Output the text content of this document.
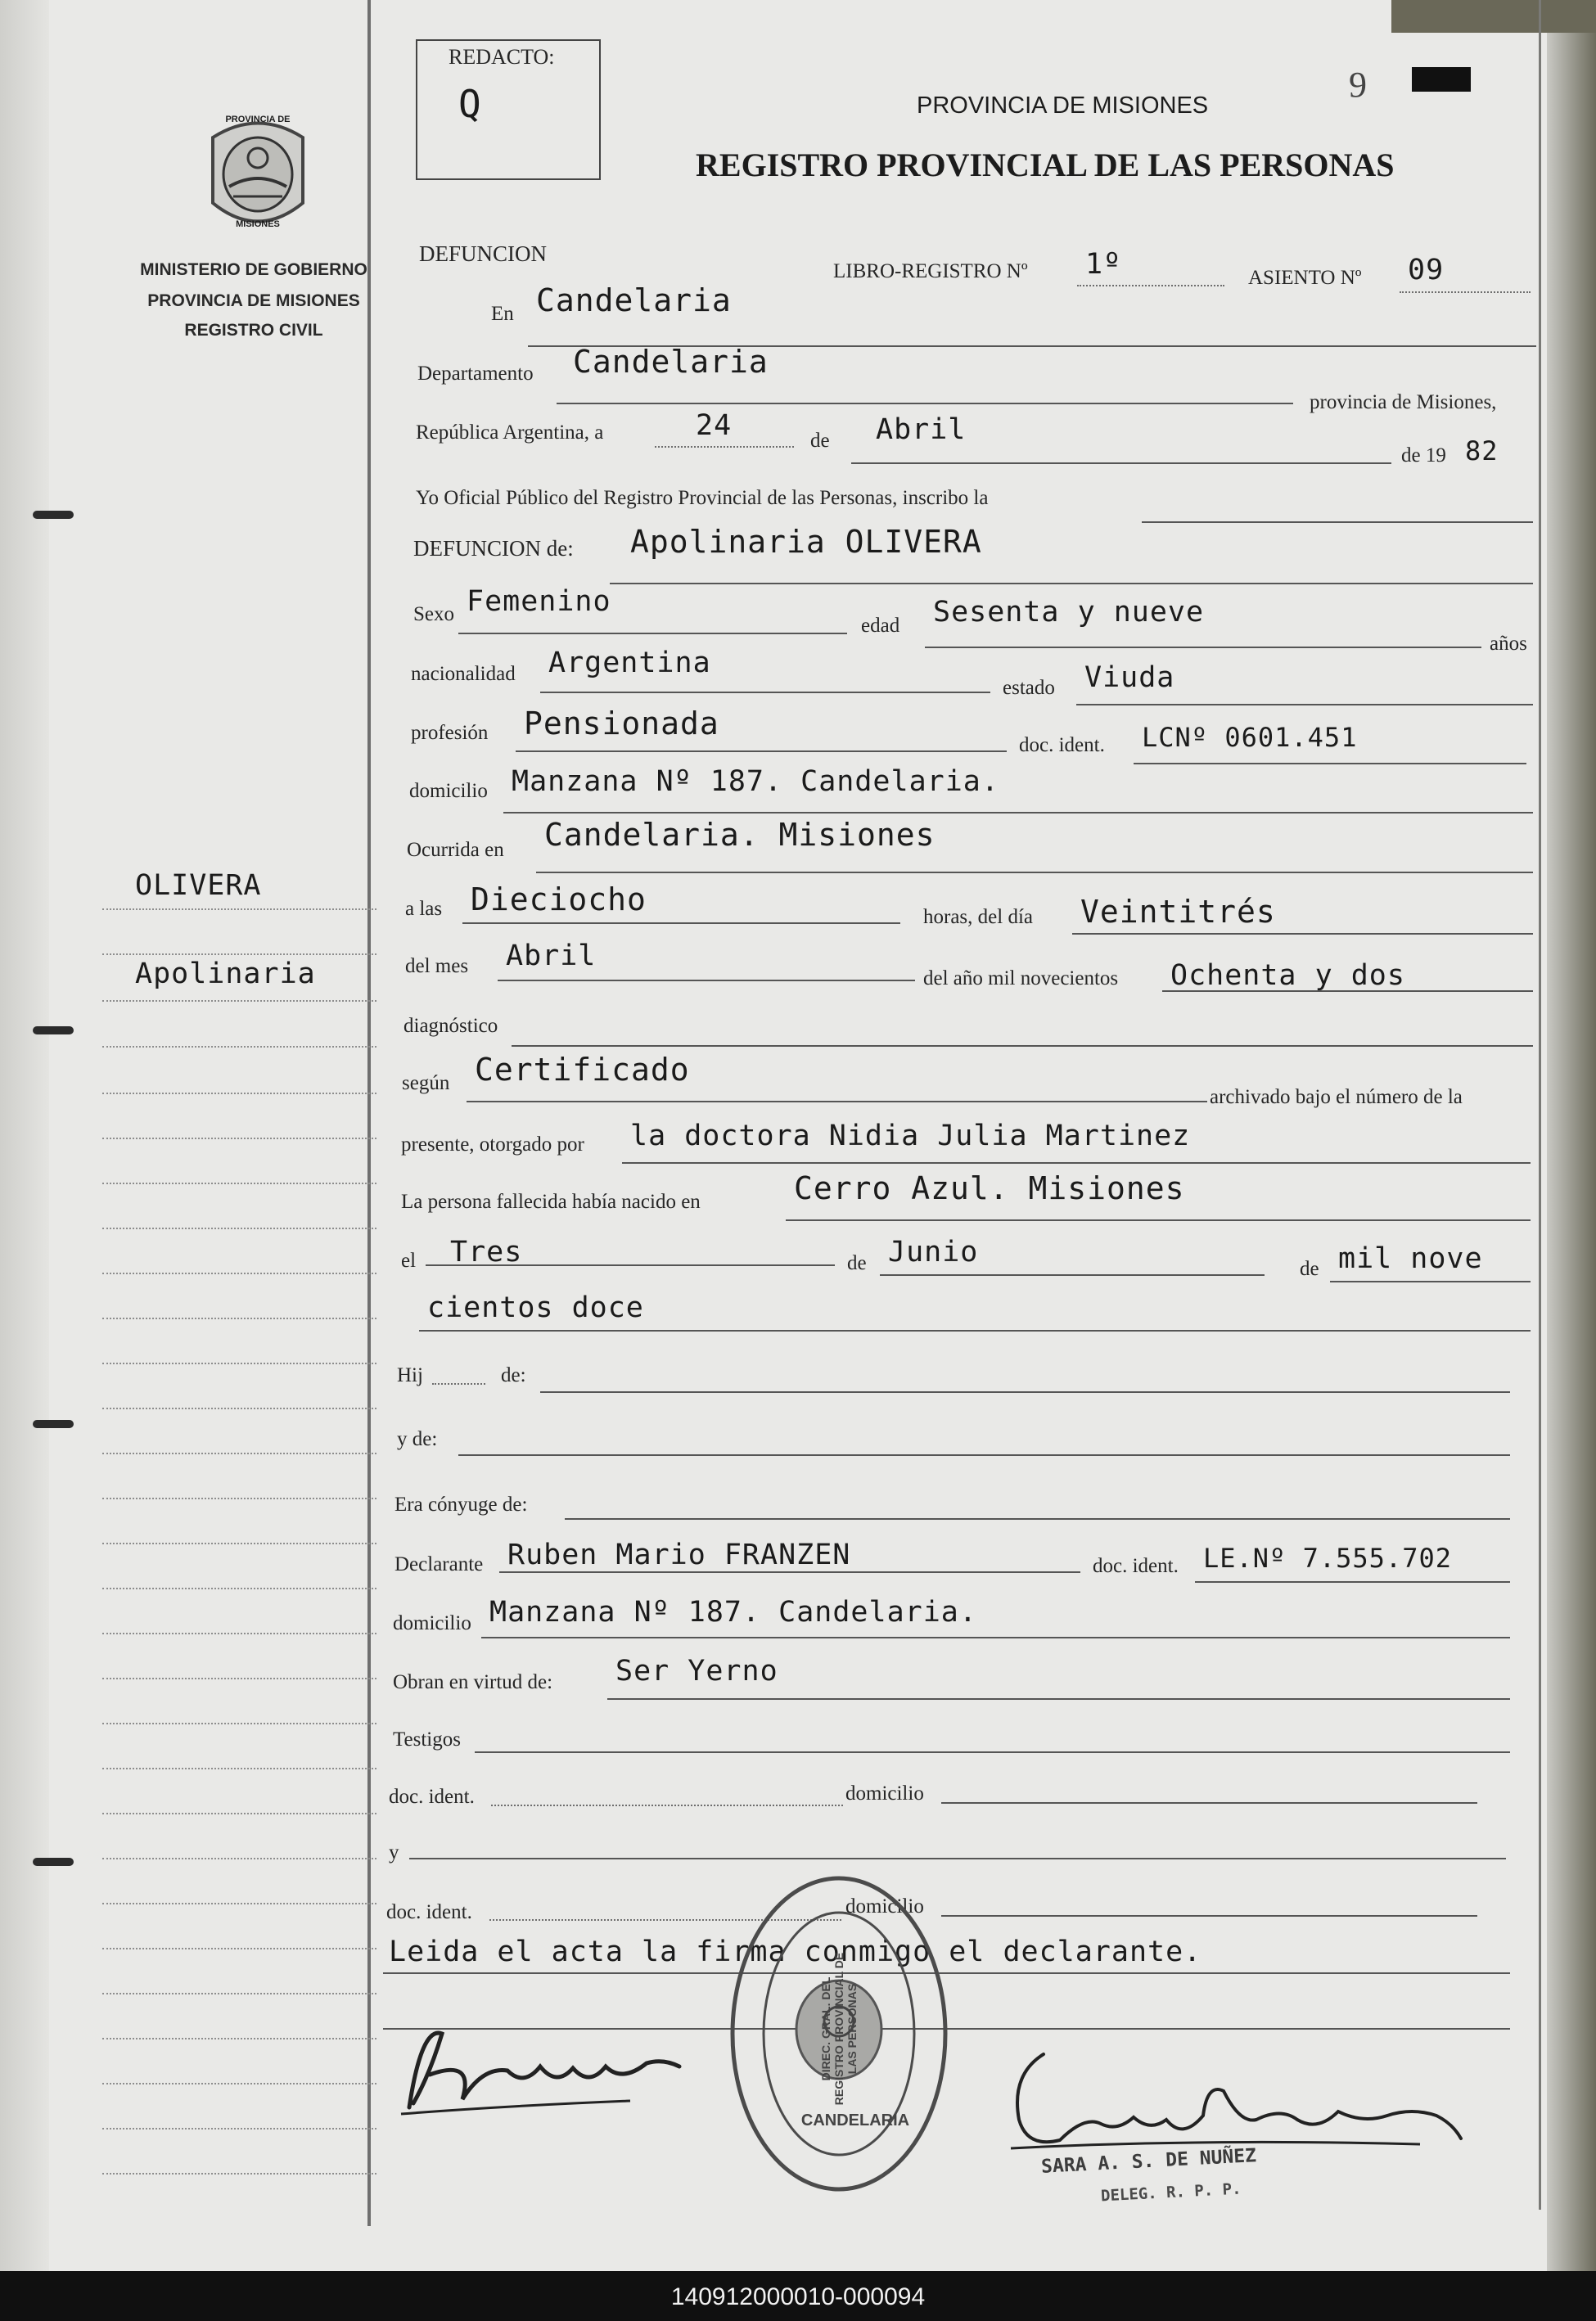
PROVINCIA DE
MISIONES
MINISTERIO DE GOBIERNO
PROVINCIA DE MISIONES
REGISTRO CIVIL
OLIVERA
Apolinaria
REDACTO:
Q	9
PROVINCIA DE MISIONES
REGISTRO PROVINCIAL DE LAS PERSONAS
DEFUNCION
LIBRO-REGISTRO Nº 1º	ASIENTO Nº 09
En Candelaria
Departamento Candelaria
provincia de Misiones,
República Argentina, a	24	de Abril
de 19 82
Yo Oficial Público del Registro Provincial de las Personas, inscribo la
DEFUNCION de: Apolinaria OLIVERA
Sexo Femenino
edad Sesenta y nueve
años
nacionalidad Argentina
estado Viuda
profesión Pensionada
doc. ident. LCNº 0601.451
domicilio Manzana Nº 187. Candelaria.
Ocurrida en Candelaria. Misiones
a las Dieciocho	horas, del día Veintitrés
del mes Abril
del año mil novecientos Ochenta y dos
diagnóstico
según Certificado
archivado bajo el número de la
presente, otorgado por la doctora Nidia Julia Martinez
La persona fallecida había nacido en	Cerro Azul. Misiones
el Tres	de Junio
de mil nove
cientos doce
Hij	de:
y de:
Era cónyuge de:
Declarante Ruben Mario FRANZEN	doc. ident. LE.Nº 7.555.702
domicilio Manzana Nº 187. Candelaria.
Obran en virtud de: Ser Yerno
Testigos
doc. ident.	domicilio
y
doc. ident.	domicilio
Leida el acta la firma conmigo el declarante.
DIREC. GRAL. DEL REGISTRO PROVINCIAL DE LAS PERSONAS
CANDELARIA
SARA A. S. DE NUÑEZ
DELEG. R. P. P.
140912000010-000094
